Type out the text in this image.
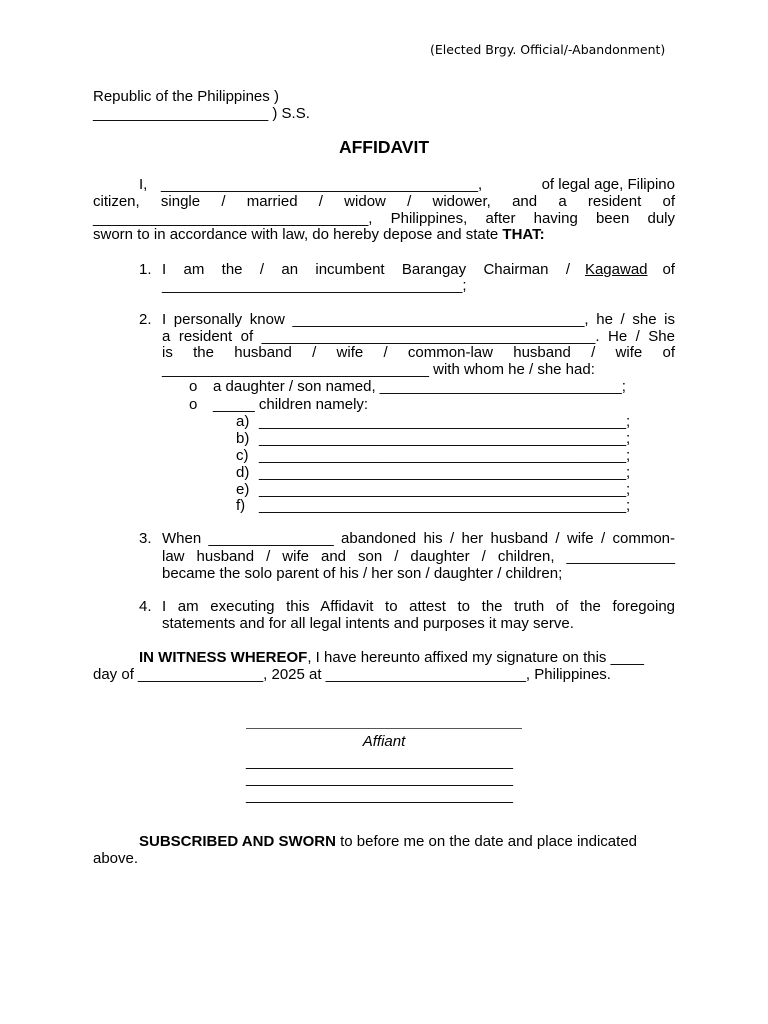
(Elected Brgy. Official/-Abandonment)
Republic of the Philippines )
_____________________ ) S.S.
AFFIDAVIT
I, ______________________________________,	of legal age, Filipino
citizen, single / married / widow / widower, and a resident of
_________________________________, Philippines, after having been duly
sworn to in accordance with law, do hereby depose and state THAT:
1. I am the / an incumbent Barangay Chairman / Kagawad of
____________________________________;
2. I personally know ___________________________________, he / she is
a resident of ________________________________________. He / She
is the husband / wife / common-law husband / wife of
________________________________ with whom he / she had:
o a daughter / son named, _____________________________;
o _____ children namely:
a) ____________________________________________;
b) ____________________________________________;
c) ____________________________________________;
d) ____________________________________________;
e) ____________________________________________;
f) ____________________________________________;
3. When _______________ abandoned his / her husband / wife / common-
law husband / wife and son / daughter / children, _____________
became the solo parent of his / her son / daughter / children;
4. I am executing this Affidavit to attest to the truth of the foregoing
statements and for all legal intents and purposes it may serve.
IN WITNESS WHEREOF , I have hereunto affixed my signature on this ____
day of _______________, 2025 at ________________________, Philippines.
Affiant
________________________________
________________________________
________________________________
SUBSCRIBED AND SWORN to before me on the date and place indicated
above.
